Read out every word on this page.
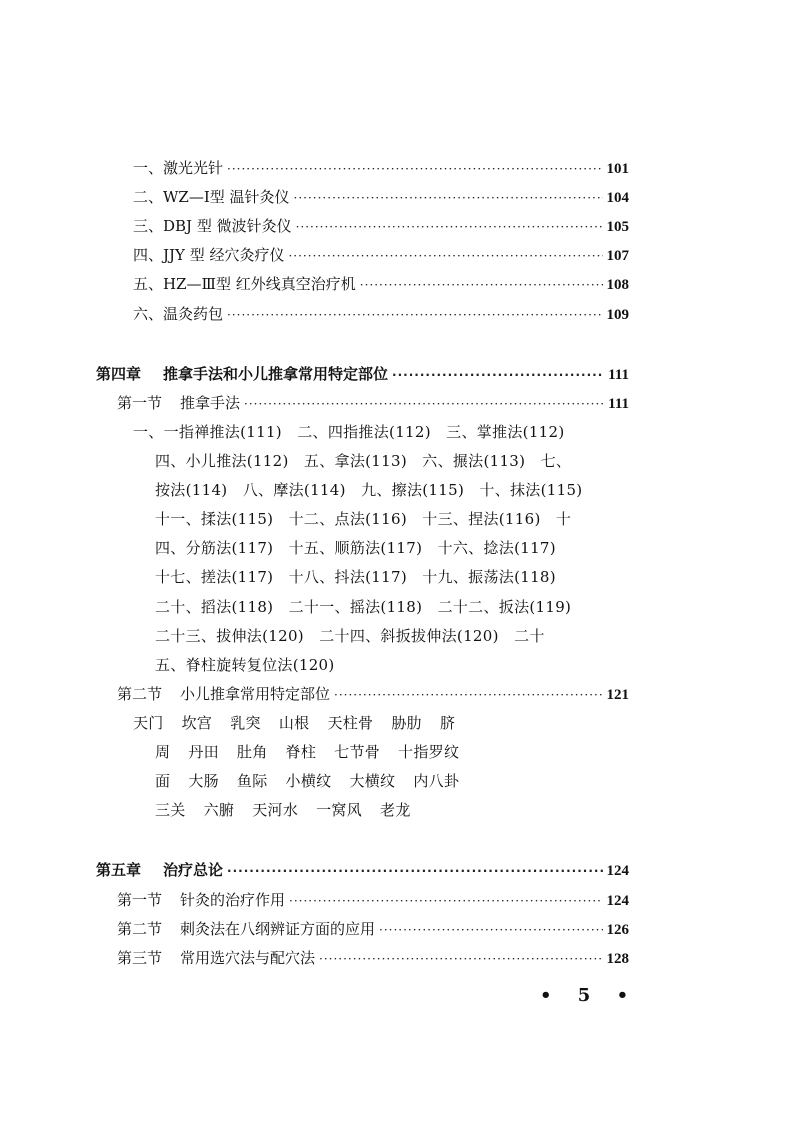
一、激光光针 ·····	101
二、WZ—Ⅰ型 温针灸仪 ·····	104
三、DBJ 型 微波针灸仪 ·····	105
四、JJY 型 经穴灸疗仪 ·····	107
五、HZ—Ⅲ型 红外线真空治疗机 ·····	108
六、温灸药包 ·····	109
第四章 推拿手法和小儿推拿常用特定部位 ·····	111
第一节 推拿手法 ·····	111
一、一指禅推法(111)　二、四指推法(112)　三、掌推法(112)
四、小儿推法(112)　五、拿法(113)　六、搌法(113)　七、
按法(114)　八、摩法(114)　九、擦法(115)　十、抹法(115)
十一、揉法(115)　十二、点法(116)　十三、捏法(116)　十
四、分筋法(117)　十五、顺筋法(117)　十六、捻法(117)
十七、搓法(117)　十八、抖法(117)　十九、振荡法(118)
二十、搯法(118)　二十一、摇法(118)　二十二、扳法(119)
二十三、拔伸法(120)　二十四、斜扳拔伸法(120)　二十
五、脊柱旋转复位法(120)
第二节 小儿推拿常用特定部位 ·····	121
天门 坎宫 乳突 山根 天柱骨 胁肋 脐
周 丹田 肚角 脊柱 七节骨 十指罗纹
面 大肠 鱼际 小横纹 大横纹 内八卦
三关 六腑 天河水 一窝风 老龙
第五章 治疗总论 ·····	124
第一节 针灸的治疗作用 ·····	124
第二节 刺灸法在八纲辨证方面的应用 ·····	126
第三节 常用选穴法与配穴法 ·····	128
• 5 •
